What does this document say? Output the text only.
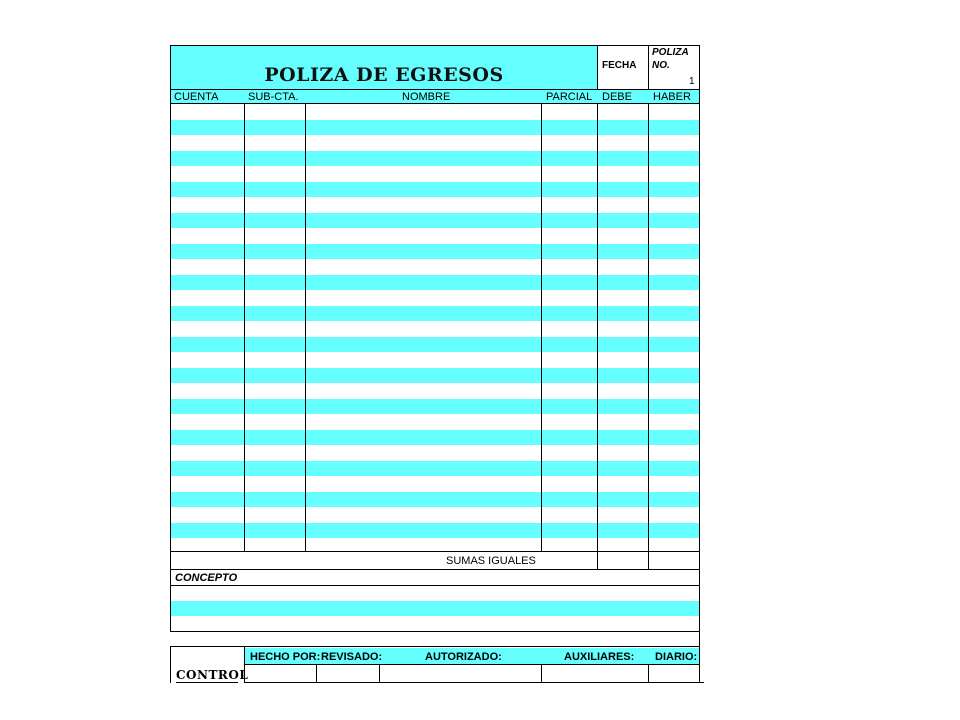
POLIZA DE EGRESOS	FECHA
POLIZA
NO.
1
CUENTA	SUB-CTA.	NOMBRE	PARCIAL DEBE HABER
SUMAS IGUALES
CONCEPTO
HECHO POR: REVISADO:	AUTORIZADO:	AUXILIARES: DIARIO:
CONTROL
